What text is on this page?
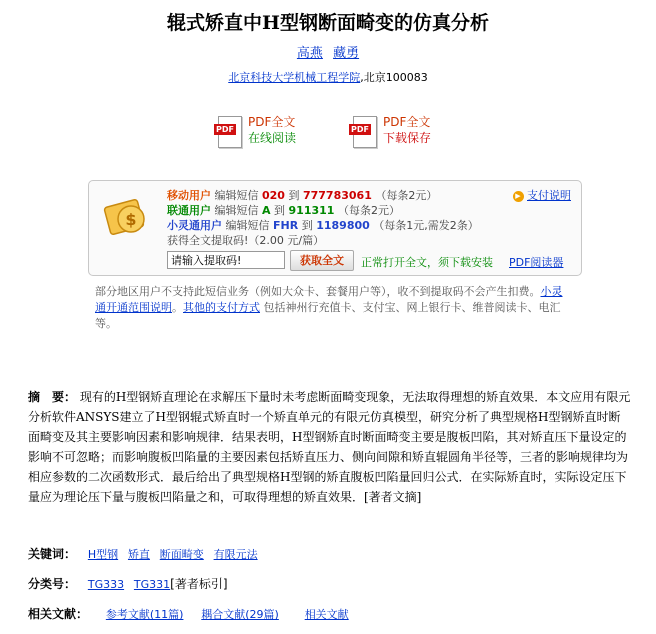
辊式矫直中H型钢断面畸变的仿真分析
高燕 藏勇
北京科技大学机械工程学院,北京100083
PDF
PDF全文
在线阅读
PDF
PDF全文
下载保存
$
移动用户 编辑短信 020 到 777783061 （每条2元）
联通用户 编辑短信 A 到 911311 （每条2元）
小灵通用户 编辑短信 FHR 到 1189800 （每条1元,需发2条）
获得全文提取码!（2.00 元/篇）
▶ 支付说明
请输入提取码!
获取全文	正常打开全文，须下载安装 PDF阅读器
部分地区用户不支持此短信业务（例如大众卡、套餐用户等），收不到提取码不会产生扣费。小灵通开通范围说明。其他的支付方式 包括神州行充值卡、支付宝、网上银行卡、维普阅读卡、电汇等。
摘　要： 现有的H型钢矫直理论在求解压下量时未考虑断面畸变现象，无法取得理想的矫直效果．本文应用有限元分析软件ANSYS建立了H型钢辊式矫直时一个矫直单元的有限元仿真模型，研究分析了典型规格H型钢矫直时断面畸变及其主要影响因素和影响规律．结果表明，H型钢矫直时断面畸变主要是腹板凹陷，其对矫直压下量设定的影响不可忽略；而影响腹板凹陷量的主要因素包括矫直压力、侧向间隙和矫直辊圆角半径等，三者的影响规律均为相应参数的二次函数形式．最后给出了典型规格H型钢的矫直腹板凹陷量回归公式．在实际矫直时，实际设定压下量应为理论压下量与腹板凹陷量之和，可取得理想的矫直效果．[著者文摘]
关键词： H型钢 矫直 断面畸变 有限元法
分类号： TG333 TG331[著者标引]
相关文献： 参考文献(11篇) 耦合文献(29篇) 相关文献
